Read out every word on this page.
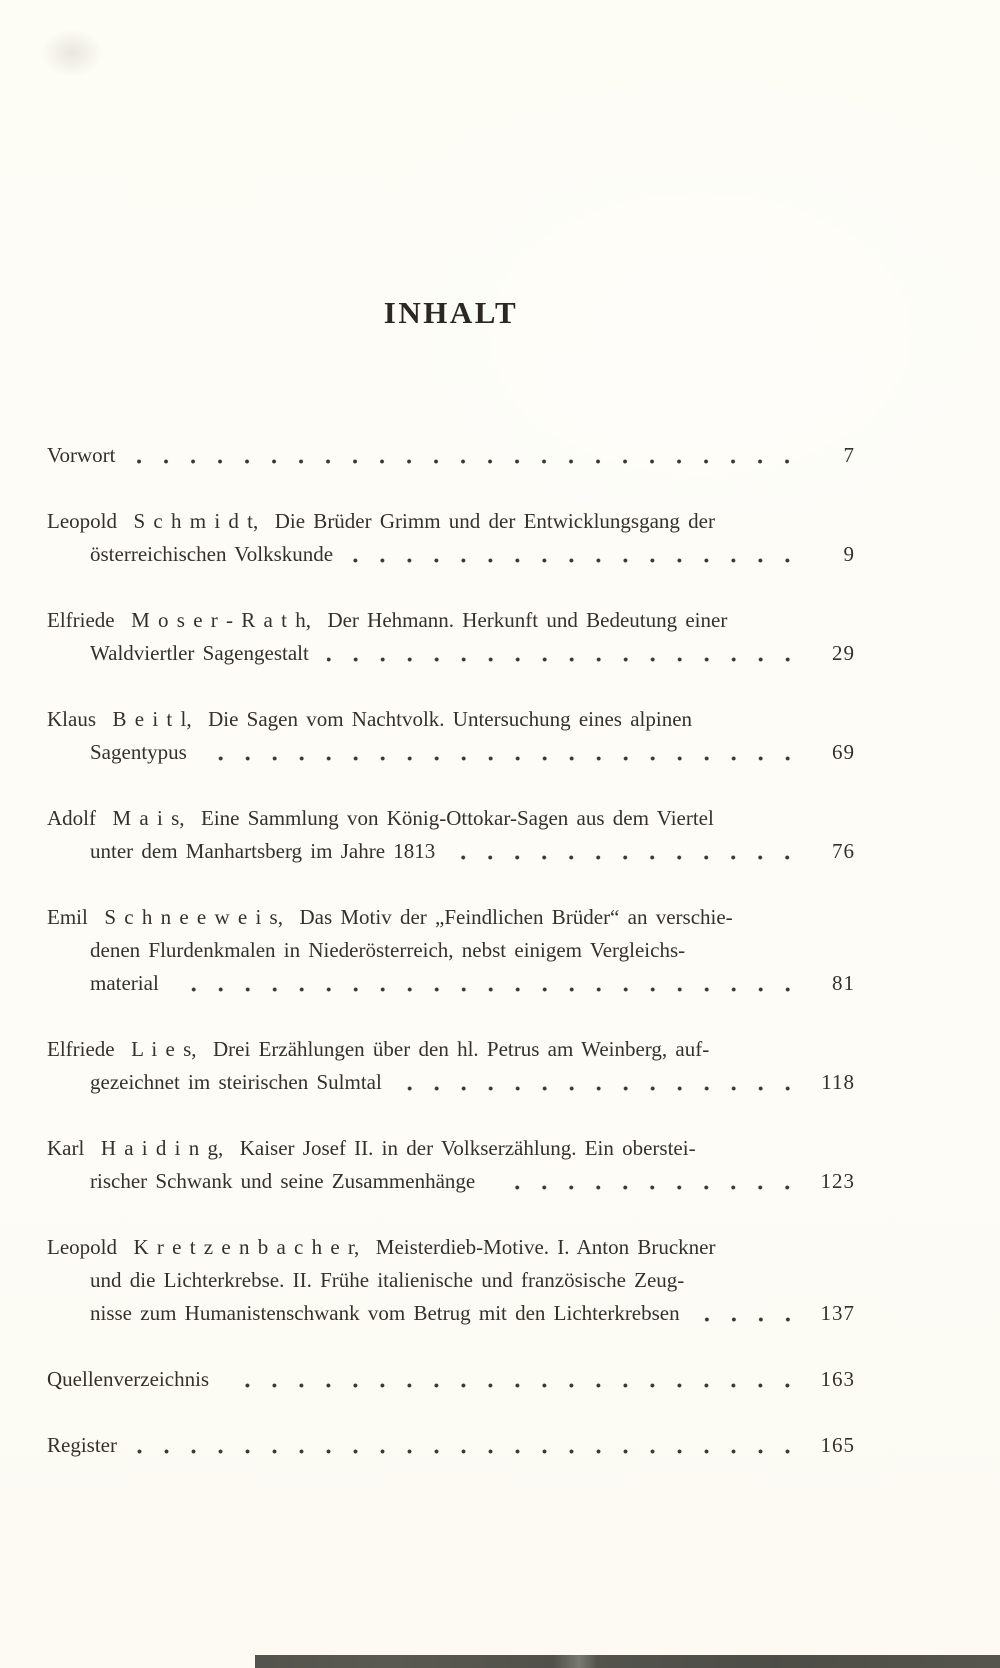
INHALT
Vorwort	7
Leopold  S c h m i d t,  Die Brüder Grimm und der Entwicklungsgang der
österreichischen Volkskunde	9
Elfriede  M o s e r - R a t h,  Der Hehmann. Herkunft und Bedeutung einer
Waldviertler Sagengestalt	29
Klaus  B e i t l,  Die Sagen vom Nachtvolk. Untersuchung eines alpinen
Sagentypus	69
Adolf  M a i s,  Eine Sammlung von König-Ottokar-Sagen aus dem Viertel
unter dem Manhartsberg im Jahre 1813	76
Emil  S c h n e e w e i s,  Das Motiv der „Feindlichen Brüder“ an verschie-
denen Flurdenkmalen in Niederösterreich, nebst einigem Vergleichs-
material	81
Elfriede  L i e s,  Drei Erzählungen über den hl. Petrus am Weinberg, auf-
gezeichnet im steirischen Sulmtal	118
Karl  H a i d i n g,  Kaiser Josef II. in der Volkserzählung. Ein oberstei-
rischer Schwank und seine Zusammenhänge	123
Leopold  K r e t z e n b a c h e r,  Meisterdieb-Motive. I. Anton Bruckner
und die Lichterkrebse. II. Frühe italienische und französische Zeug-
nisse zum Humanistenschwank vom Betrug mit den Lichterkrebsen	137
Quellenverzeichnis	163
Register	165
